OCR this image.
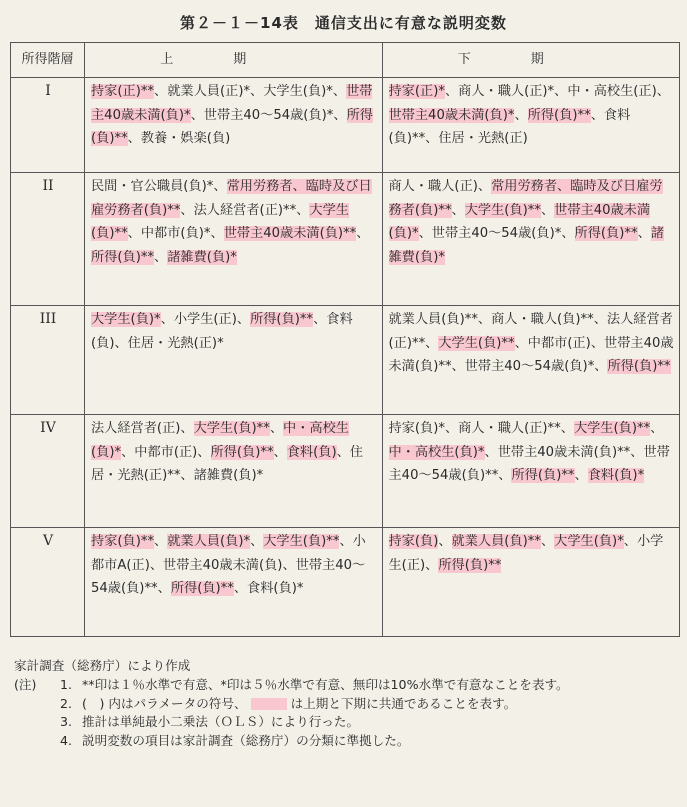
第２－１－14表　通信支出に有意な説明変数
所得階層	上期	下期
I	持家(正)**、就業人員(正)*、大学生(負)*、世帯主40歳未満(負)*、世帯主40～54歳(負)*、所得(負)**、教養・娯楽(負)	持家(正)*、商人・職人(正)*、中・高校生(正)、世帯主40歳未満(負)*、所得(負)**、食料(負)**、住居・光熱(正)
II	民間・官公職員(負)*、常用労務者、臨時及び日雇労務者(負)**、法人経営者(正)**、大学生(負)**、中都市(負)*、世帯主40歳未満(負)**、所得(負)**、諸雑費(負)*	商人・職人(正)、常用労務者、臨時及び日雇労務者(負)**、大学生(負)**、世帯主40歳未満(負)*、世帯主40～54歳(負)*、所得(負)**、諸雑費(負)*
III	大学生(負)*、小学生(正)、所得(負)**、食料(負)、住居・光熱(正)*	就業人員(負)**、商人・職人(負)**、法人経営者(正)**、大学生(負)**、中都市(正)、世帯主40歳未満(負)**、世帯主40～54歳(負)*、所得(負)**
IV	法人経営者(正)、大学生(負)**、中・高校生(負)*、中都市(正)、所得(負)**、食料(負)、住居・光熱(正)**、諸雑費(負)*	持家(負)*、商人・職人(正)**、大学生(負)**、中・高校生(負)*、世帯主40歳未満(負)**、世帯主40～54歳(負)**、所得(負)**、食料(負)*
V	持家(負)**、就業人員(負)*、大学生(負)**、小都市A(正)、世帯主40歳未満(負)、世帯主40～54歳(負)**、所得(負)**、食料(負)*	持家(負)、就業人員(負)**、大学生(負)*、小学生(正)、所得(負)**
家計調査（総務庁）により作成
(注)	1. **印は１％水準で有意、*印は５％水準で有意、無印は10%水準で有意なことを表す。
2. (　) 内はパラメータの符号、	は上期と下期に共通であることを表す。
3. 推計は単純最小二乗法（ＯＬＳ）により行った。
4. 説明変数の項目は家計調査（総務庁）の分類に準拠した。
